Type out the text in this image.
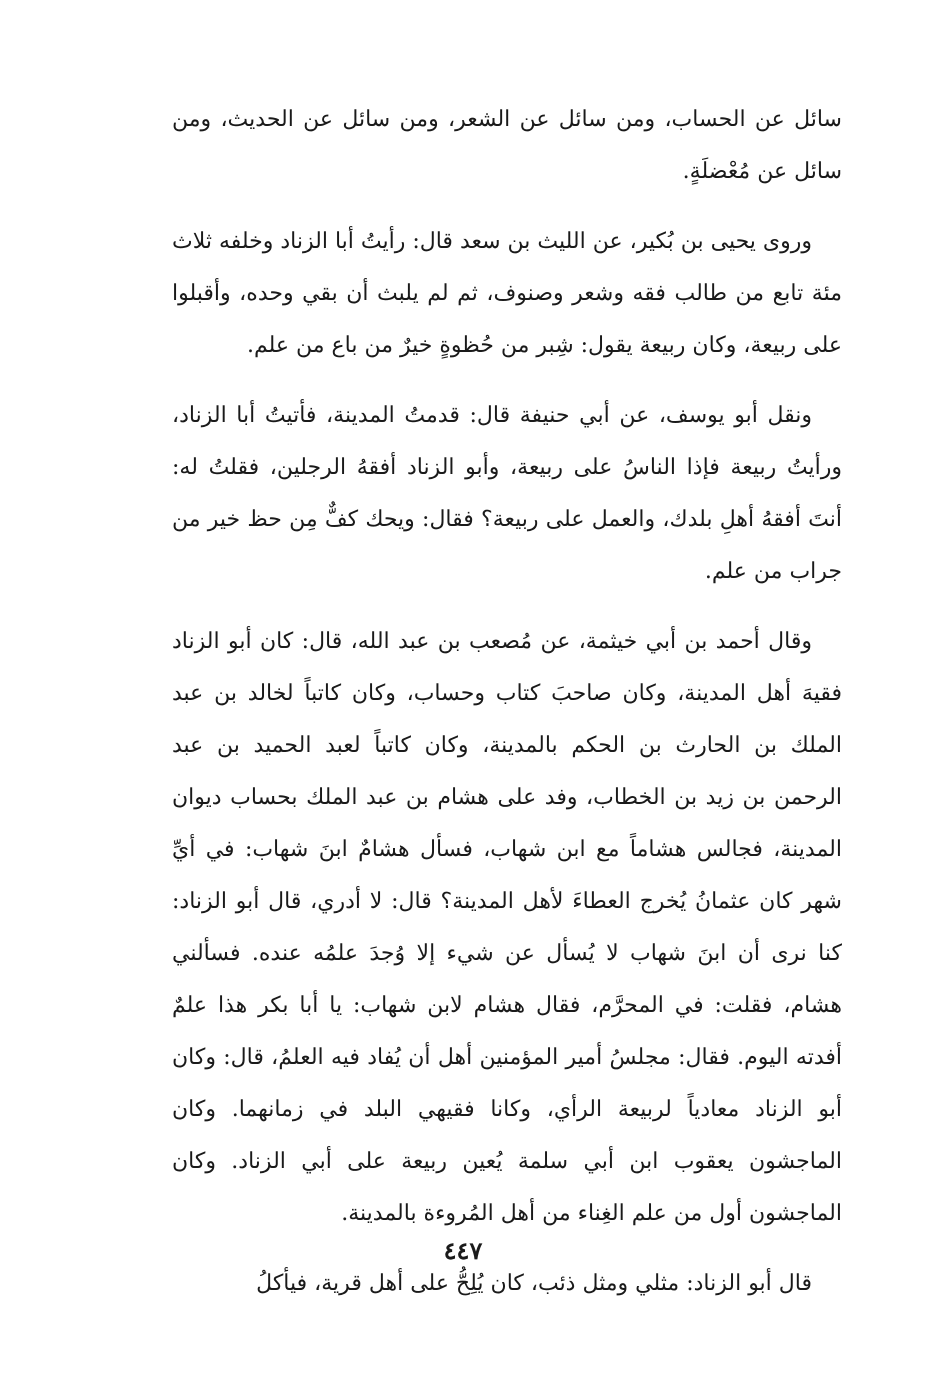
سائل عن الحساب، ومن سائل عن الشعر، ومن سائل عن الحديث، ومن سائل عن مُعْضلَةٍ.

وروى يحيى بن بُكير، عن الليث بن سعد قال: رأيتُ أبا الزناد وخلفه ثلاث مئة تابع من طالب فقه وشعر وصنوف، ثم لم يلبث أن بقي وحده، وأقبلوا على ربيعة، وكان ربيعة يقول: شِبر من حُظوةٍ خيرٌ من باع من علم.

ونقل أبو يوسف، عن أبي حنيفة قال: قدمتُ المدينة، فأتيتُ أبا الزناد، ورأيتُ ربيعة فإذا الناسُ على ربيعة، وأبو الزناد أفقهُ الرجلين، فقلتُ له: أنتَ أفقهُ أهلِ بلدك، والعمل على ربيعة؟ فقال: ويحك كفٌّ مِن حظ خير من جراب من علم.

وقال أحمد بن أبي خيثمة، عن مُصعب بن عبد الله، قال: كان أبو الزناد فقيهَ أهل المدينة، وكان صاحبَ كتاب وحساب، وكان كاتباً لخالد بن عبد الملك بن الحارث بن الحكم بالمدينة، وكان كاتباً لعبد الحميد بن عبد الرحمن بن زيد بن الخطاب، وفد على هشام بن عبد الملك بحساب ديوان المدينة، فجالس هشاماً مع ابن شهاب، فسأل هشامٌ ابنَ شهاب: في أيِّ شهر كان عثمانُ يُخرج العطاءَ لأهل المدينة؟ قال: لا أدري، قال أبو الزناد: كنا نرى أن ابنَ شهاب لا يُسأل عن شيء إلا وُجدَ علمُه عنده. فسألني هشام، فقلت: في المحرَّم، فقال هشام لابن شهاب: يا أبا بكر هذا علمٌ أفدته اليوم. فقال: مجلسُ أمير المؤمنين أهل أن يُفاد فيه العلمُ، قال: وكان أبو الزناد معادياً لربيعة الرأي، وكانا فقيهي البلد في زمانهما. وكان الماجشون يعقوب ابن أبي سلمة يُعين ربيعة على أبي الزناد. وكان الماجشون أول من علم الغِناء من أهل المُروءة بالمدينة.

قال أبو الزناد: مثلي ومثل ذئب، كان يُلِحُّ على أهل قرية، فيأكلُ

٤٤٧
